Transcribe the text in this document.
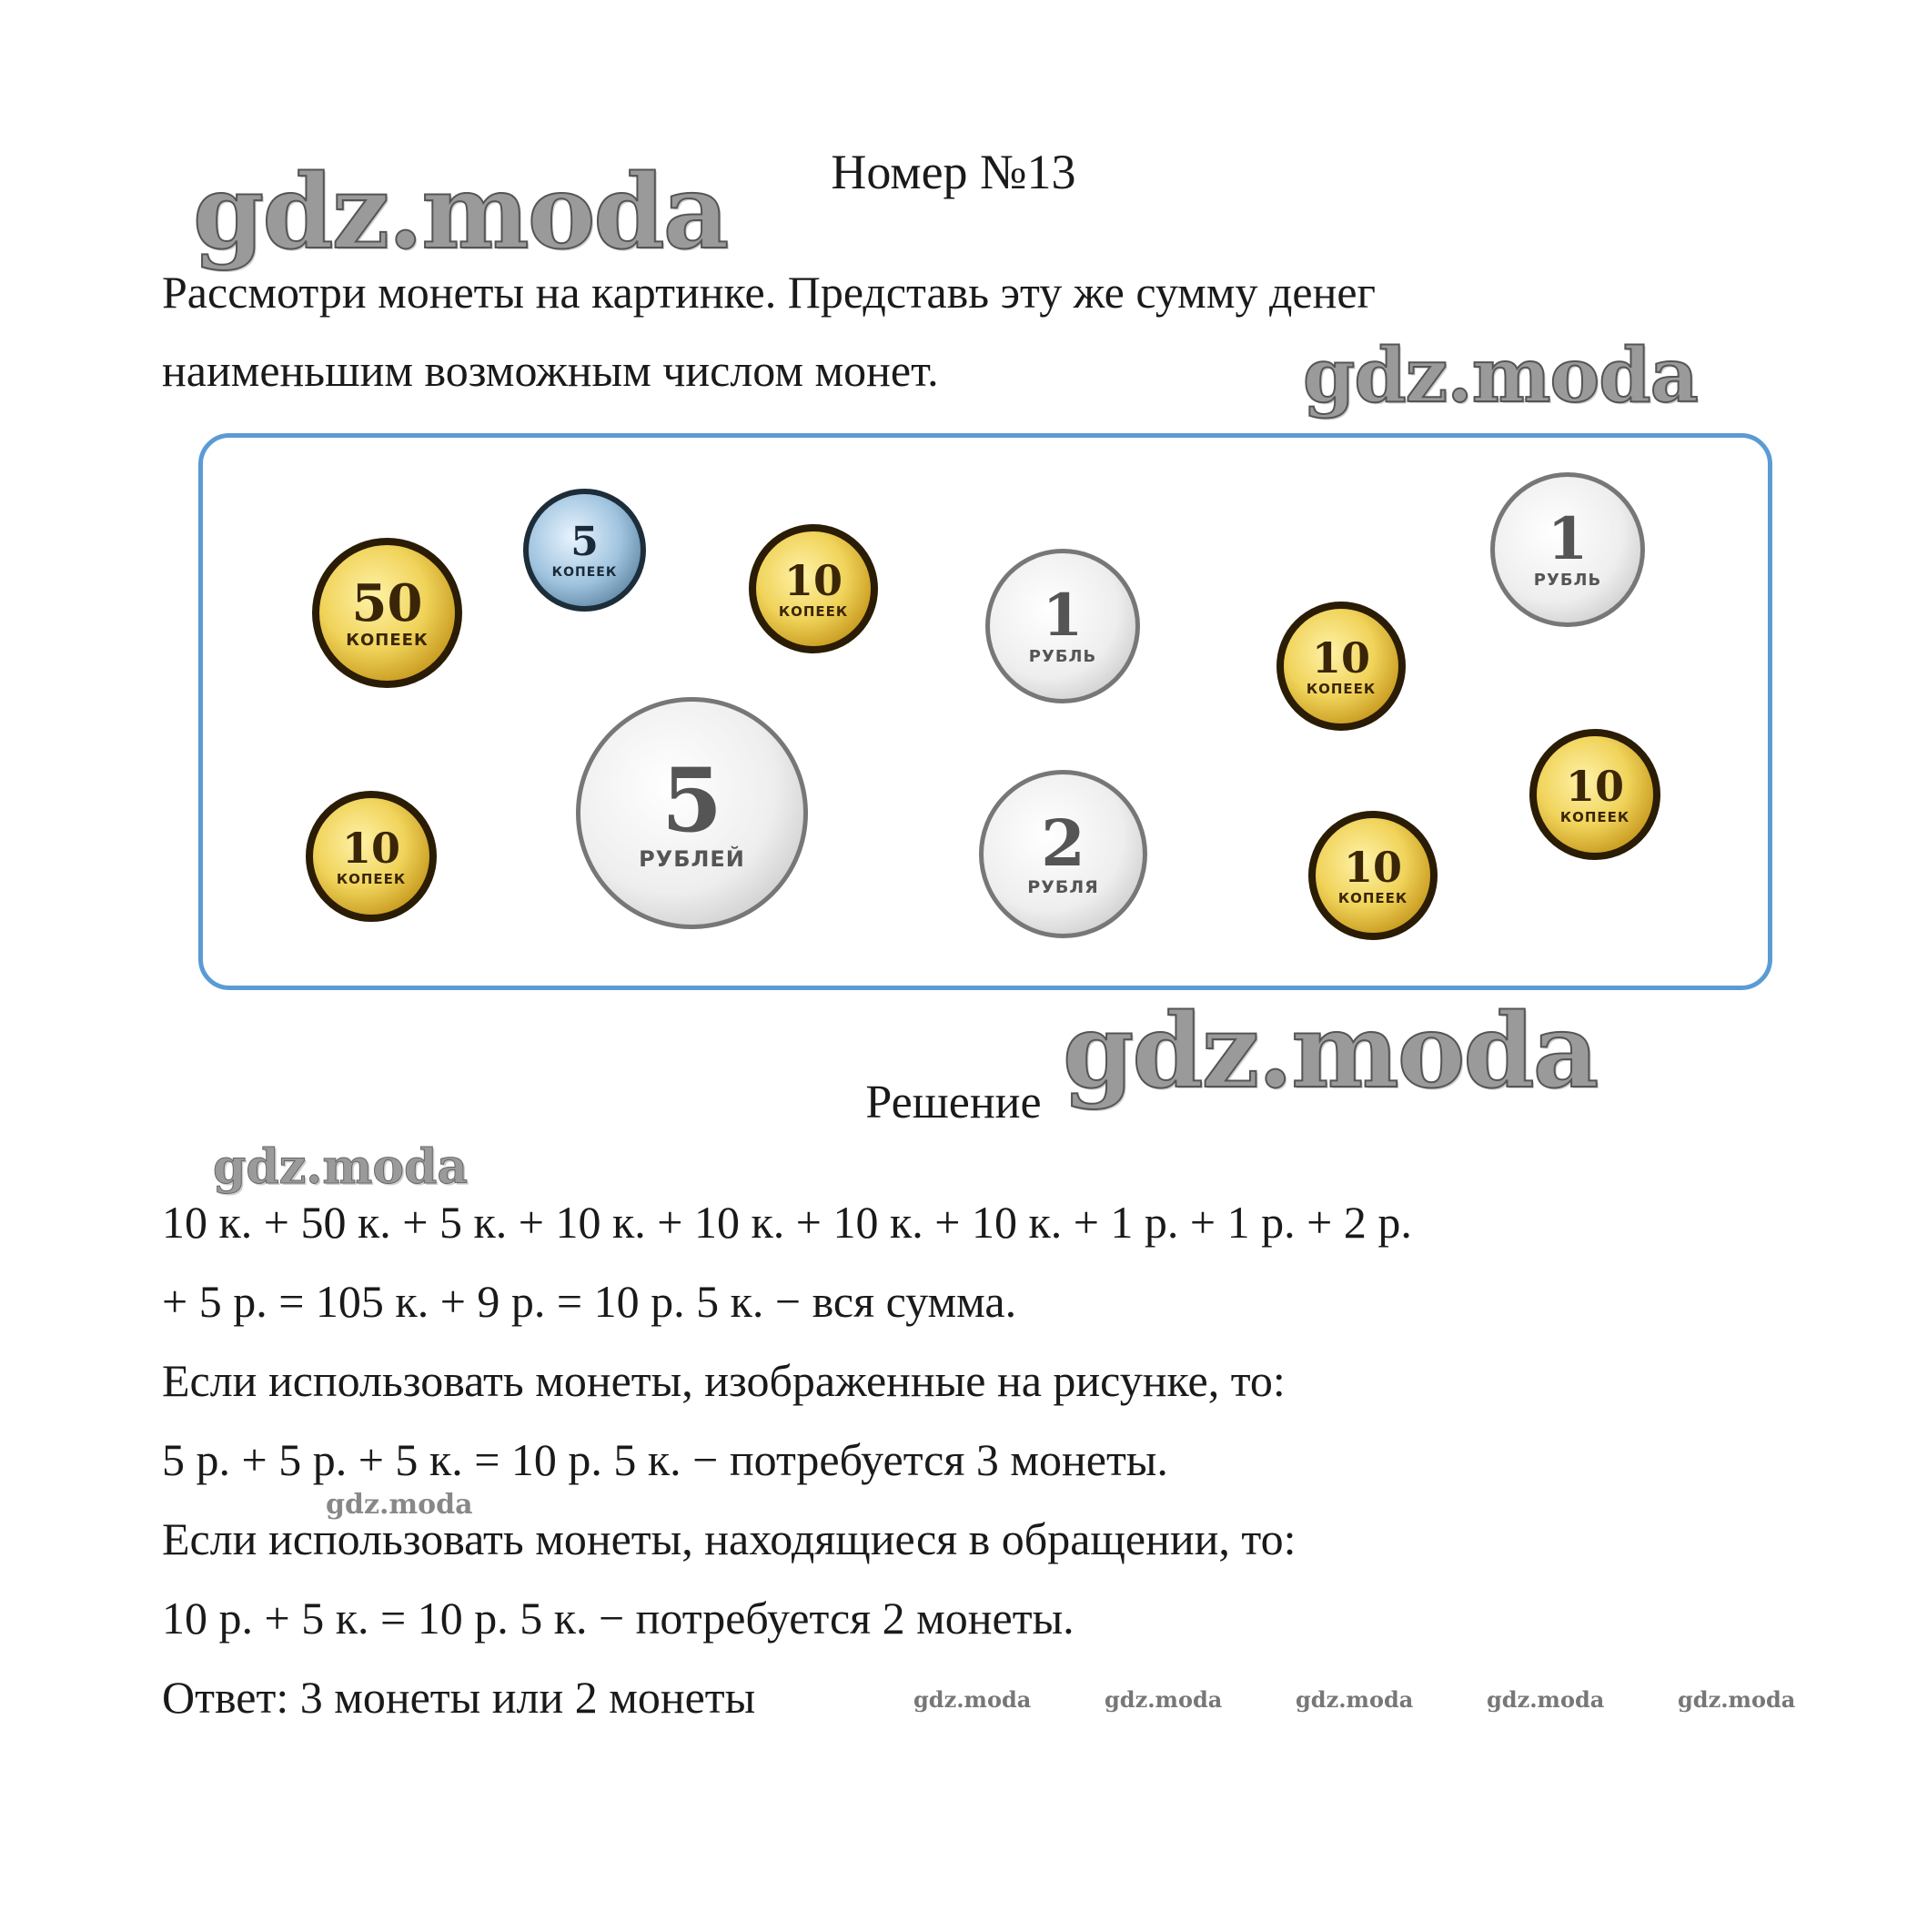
Номер №13
Рассмотри монеты на картинке. Представь эту же сумму денег
наименьшим возможным числом монет.
50
КОПЕЕК
5
КОПЕЕК	10
КОПЕЕК	1
РУБЛЬ	10
КОПЕЕК
1
РУБЛЬ
10
КОПЕЕК
5
РУБЛЕЙ	2
РУБЛЯ	10
КОПЕЕК
10
КОПЕЕК
Решение
10 к. + 50 к. + 5 к. + 10 к. + 10 к. + 10 к. + 10 к. + 1 р. + 1 р. + 2 р.
+ 5 р. = 105 к. + 9 р. = 10 р. 5 к. − вся сумма.
Если использовать монеты, изображенные на рисунке, то:
5 р. + 5 р. + 5 к. = 10 р. 5 к. − потребуется 3 монеты.
Если использовать монеты, находящиеся в обращении, то:
10 р. + 5 к. = 10 р. 5 к. − потребуется 2 монеты.
Ответ: 3 монеты или 2 монеты
gdz.moda
gdz.moda
gdz.moda
gdz.moda
gdz.moda
gdz.moda	gdz.moda	gdz.moda	gdz.moda	gdz.moda
